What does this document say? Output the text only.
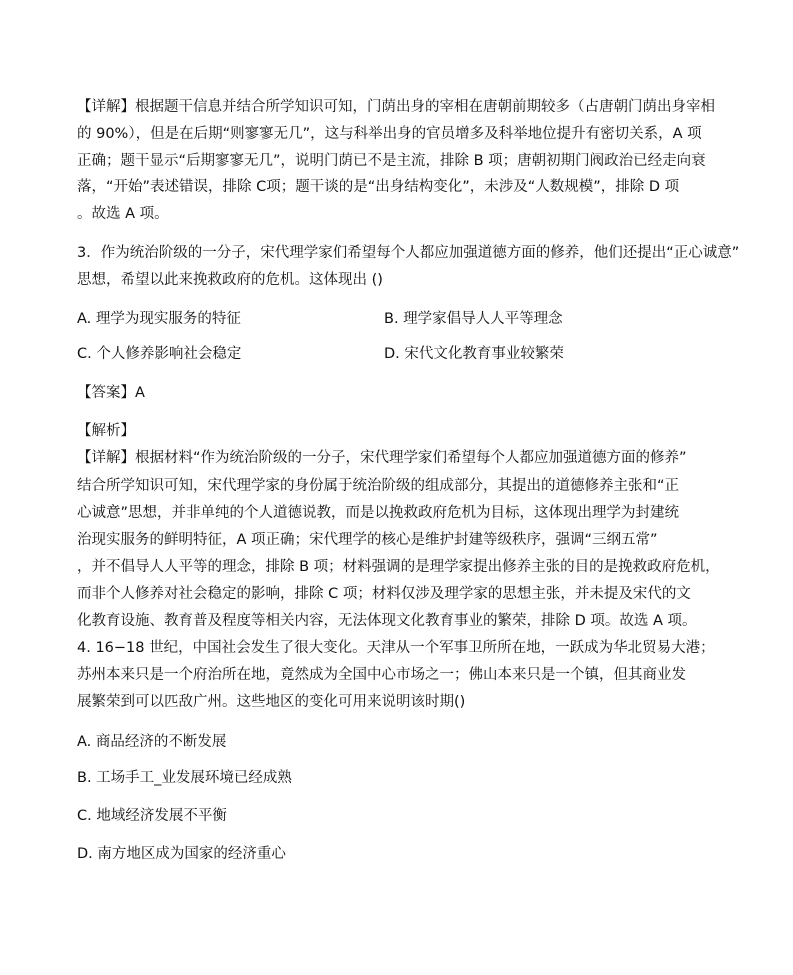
【详解】根据题干信息并结合所学知识可知，门荫出身的宰相在唐朝前期较多（占唐朝门荫出身宰相
的 90%），但是在后期“则寥寥无几”，这与科举出身的官员增多及科举地位提升有密切关系，A 项
正确；题干显示“后期寥寥无几”，说明门荫已不是主流，排除 B 项；唐朝初期门阀政治已经走向衰
落，“开始”表述错误，排除 C项；题干谈的是“出身结构变化”，未涉及“人数规模”，排除 D 项
。故选 A 项。
3．作为统治阶级的一分子，宋代理学家们希望每个人都应加强道德方面的修养，他们还提出“正心诚意”
思想，希望以此来挽救政府的危机。这体现出 ()
A. 理学为现实服务的特征	B. 理学家倡导人人平等理念
C. 个人修养影响社会稳定	D. 宋代文化教育事业较繁荣
【答案】A
【解析】
【详解】根据材料“作为统治阶级的一分子，宋代理学家们希望每个人都应加强道德方面的修养”
结合所学知识可知，宋代理学家的身份属于统治阶级的组成部分，其提出的道德修养主张和“正
心诚意”思想，并非单纯的个人道德说教，而是以挽救政府危机为目标，这体现出理学为封建统
治现实服务的鲜明特征，A 项正确；宋代理学的核心是维护封建等级秩序，强调“三纲五常”
，并不倡导人人平等的理念，排除 B 项；材料强调的是理学家提出修养主张的目的是挽救政府危机，
而非个人修养对社会稳定的影响，排除 C 项；材料仅涉及理学家的思想主张，并未提及宋代的文
化教育设施、教育普及程度等相关内容，无法体现文化教育事业的繁荣，排除 D 项。故选 A 项。
4. 16−18 世纪，中国社会发生了很大变化。天津从一个军事卫所所在地，一跃成为华北贸易大港；
苏州本来只是一个府治所在地，竟然成为全国中心市场之一；佛山本来只是一个镇，但其商业发
展繁荣到可以匹敌广州。这些地区的变化可用来说明该时期()
A. 商品经济的不断发展
B. 工场手工_业发展环境已经成熟
C. 地域经济发展不平衡
D. 南方地区成为国家的经济重心
